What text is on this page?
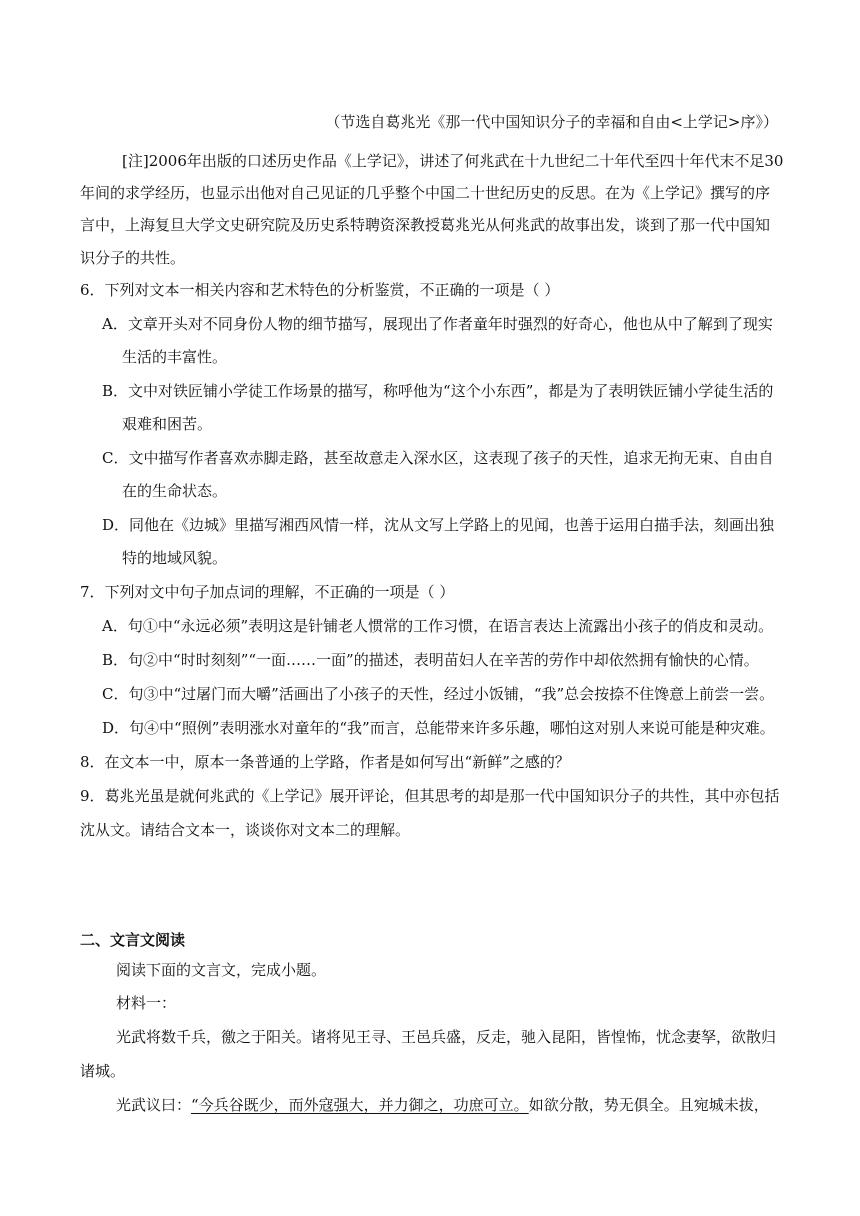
（节选自葛兆光《那一代中国知识分子的幸福和自由<上学记>序》）
[注]2006年出版的口述历史作品《上学记》，讲述了何兆武在十九世纪二十年代至四十年代末不足30
年间的求学经历，也显示出他对自己见证的几乎整个中国二十世纪历史的反思。在为《上学记》撰写的序
言中，上海复旦大学文史研究院及历史系特聘资深教授葛兆光从何兆武的故事出发，谈到了那一代中国知
识分子的共性。
6．下列对文本一相关内容和艺术特色的分析鉴赏，不正确的一项是（ ）
A．文章开头对不同身份人物的细节描写，展现出了作者童年时强烈的好奇心，他也从中了解到了现实
生活的丰富性。
B．文中对铁匠铺小学徒工作场景的描写，称呼他为“这个小东西”，都是为了表明铁匠铺小学徒生活的
艰难和困苦。
C．文中描写作者喜欢赤脚走路，甚至故意走入深水区，这表现了孩子的天性，追求无拘无束、自由自
在的生命状态。
D．同他在《边城》里描写湘西风情一样，沈从文写上学路上的见闻，也善于运用白描手法，刻画出独
特的地域风貌。
7．下列对文中句子加点词的理解，不正确的一项是（ ）
A．句①中“永远必须”表明这是针铺老人惯常的工作习惯，在语言表达上流露出小孩子的俏皮和灵动。
B．句②中“时时刻刻”“一面……一面”的描述，表明苗妇人在辛苦的劳作中却依然拥有愉快的心情。
C．句③中“过屠门而大嚼”活画出了小孩子的天性，经过小饭铺，“我”总会按捺不住馋意上前尝一尝。
D．句④中“照例”表明涨水对童年的“我”而言，总能带来许多乐趣，哪怕这对别人来说可能是种灾难。
8．在文本一中，原本一条普通的上学路，作者是如何写出“新鲜”之感的？
9．葛兆光虽是就何兆武的《上学记》展开评论，但其思考的却是那一代中国知识分子的共性，其中亦包括
沈从文。请结合文本一，谈谈你对文本二的理解。
二、文言文阅读
阅读下面的文言文，完成小题。
材料一：
光武将数千兵，徼之于阳关。诸将见王寻、王邑兵盛，反走，驰入昆阳，皆惶怖，忧念妻孥，欲散归
诸城。
光武议曰：“今兵谷既少，而外寇强大，并力御之，功庶可立。如欲分散，势无俱全。且宛城未拔，
